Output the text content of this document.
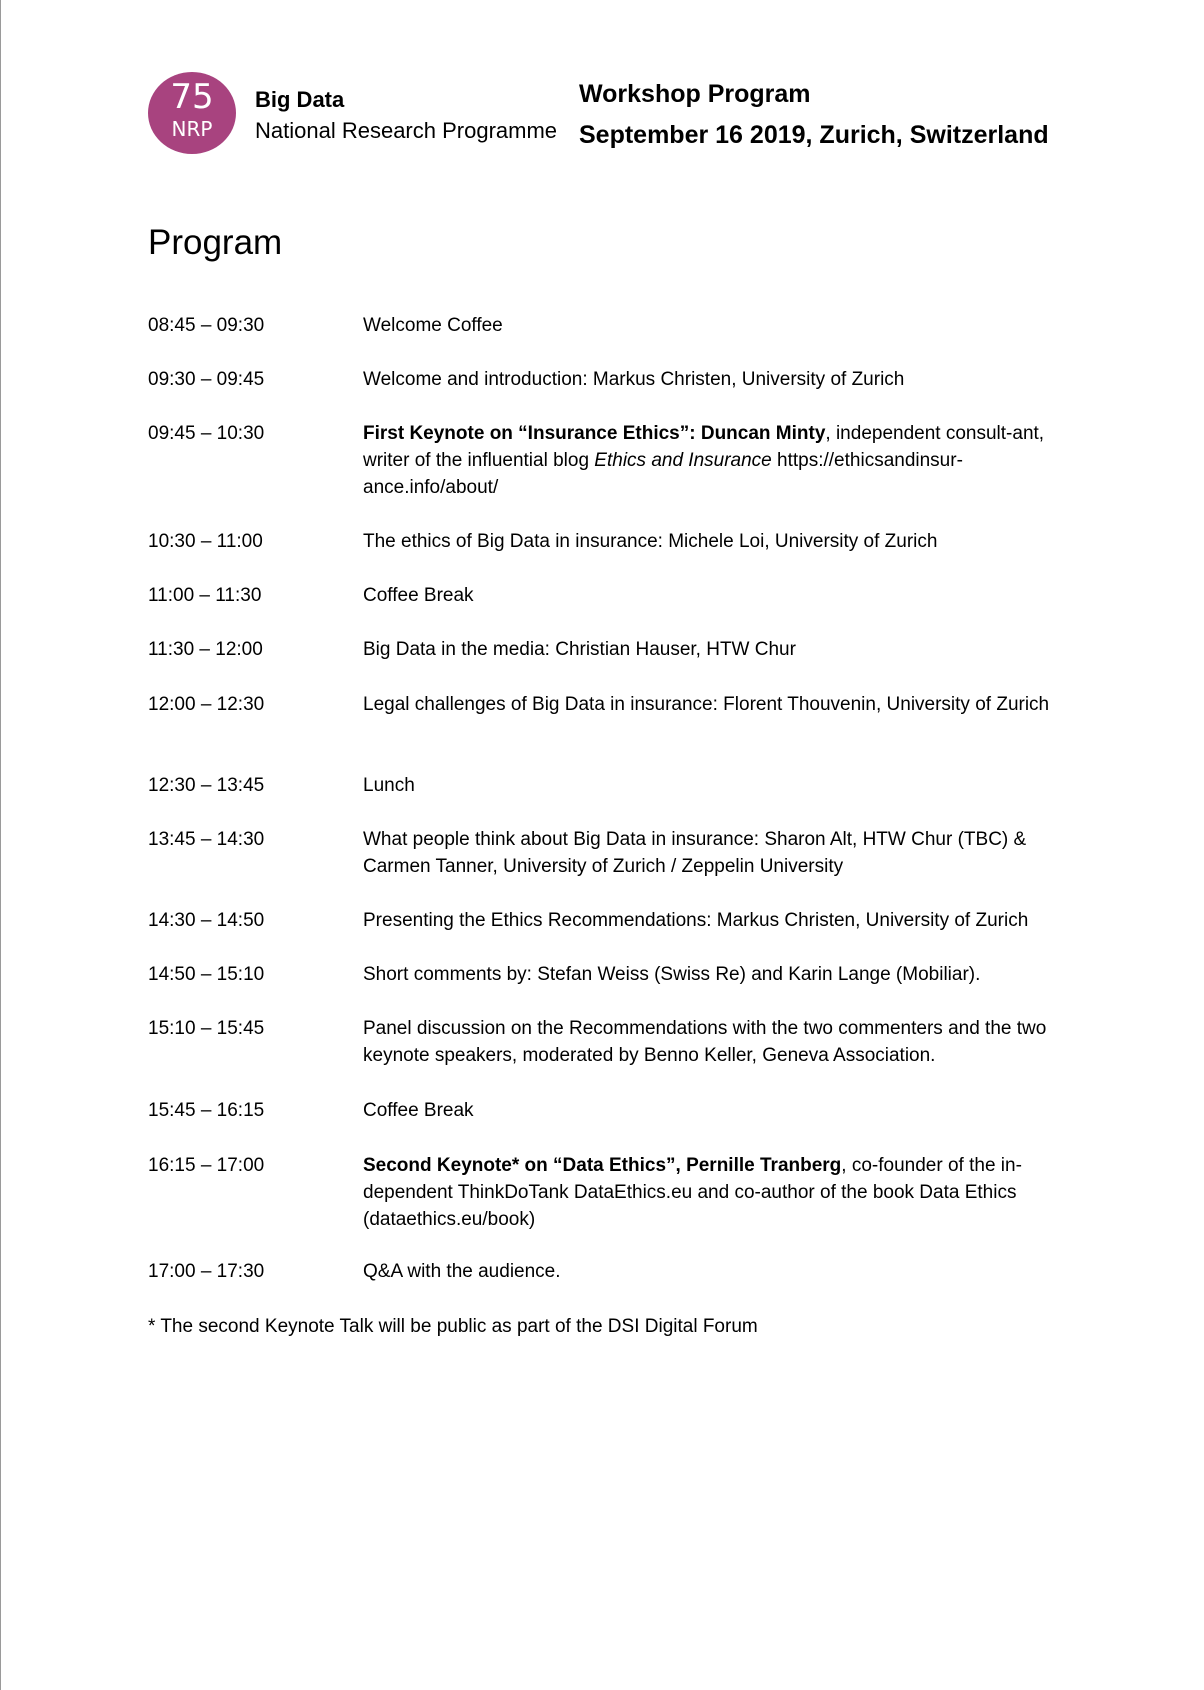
75
NRP
Big Data
National Research Programme
Workshop Program
September 16 2019, Zurich, Switzerland
Program
08:45 – 09:30	Welcome Coffee
09:30 – 09:45	Welcome and introduction: Markus Christen, University of Zurich
09:45 – 10:30	First Keynote on “Insurance Ethics”: Duncan Minty, independent consult-ant, writer of the influential blog Ethics and Insurance https://ethicsandinsur-ance.info/about/
10:30 – 11:00	The ethics of Big Data in insurance: Michele Loi, University of Zurich
11:00 – 11:30	Coffee Break
11:30 – 12:00	Big Data in the media: Christian Hauser, HTW Chur
12:00 – 12:30	Legal challenges of Big Data in insurance: Florent Thouvenin, University of Zurich
12:30 – 13:45	Lunch
13:45 – 14:30	What people think about Big Data in insurance: Sharon Alt, HTW Chur (TBC) & Carmen Tanner, University of Zurich / Zeppelin University
14:30 – 14:50	Presenting the Ethics Recommendations: Markus Christen, University of Zurich
14:50 – 15:10	Short comments by: Stefan Weiss (Swiss Re) and Karin Lange (Mobiliar).
15:10 – 15:45	Panel discussion on the Recommendations with the two commenters and the two keynote speakers, moderated by Benno Keller, Geneva Association.
15:45 – 16:15	Coffee Break
16:15 – 17:00	Second Keynote* on “Data Ethics”, Pernille Tranberg, co-founder of the in-dependent ThinkDoTank DataEthics.eu and co-author of the book Data Ethics (dataethics.eu/book)
17:00 – 17:30	Q&A with the audience.
* The second Keynote Talk will be public as part of the DSI Digital Forum
